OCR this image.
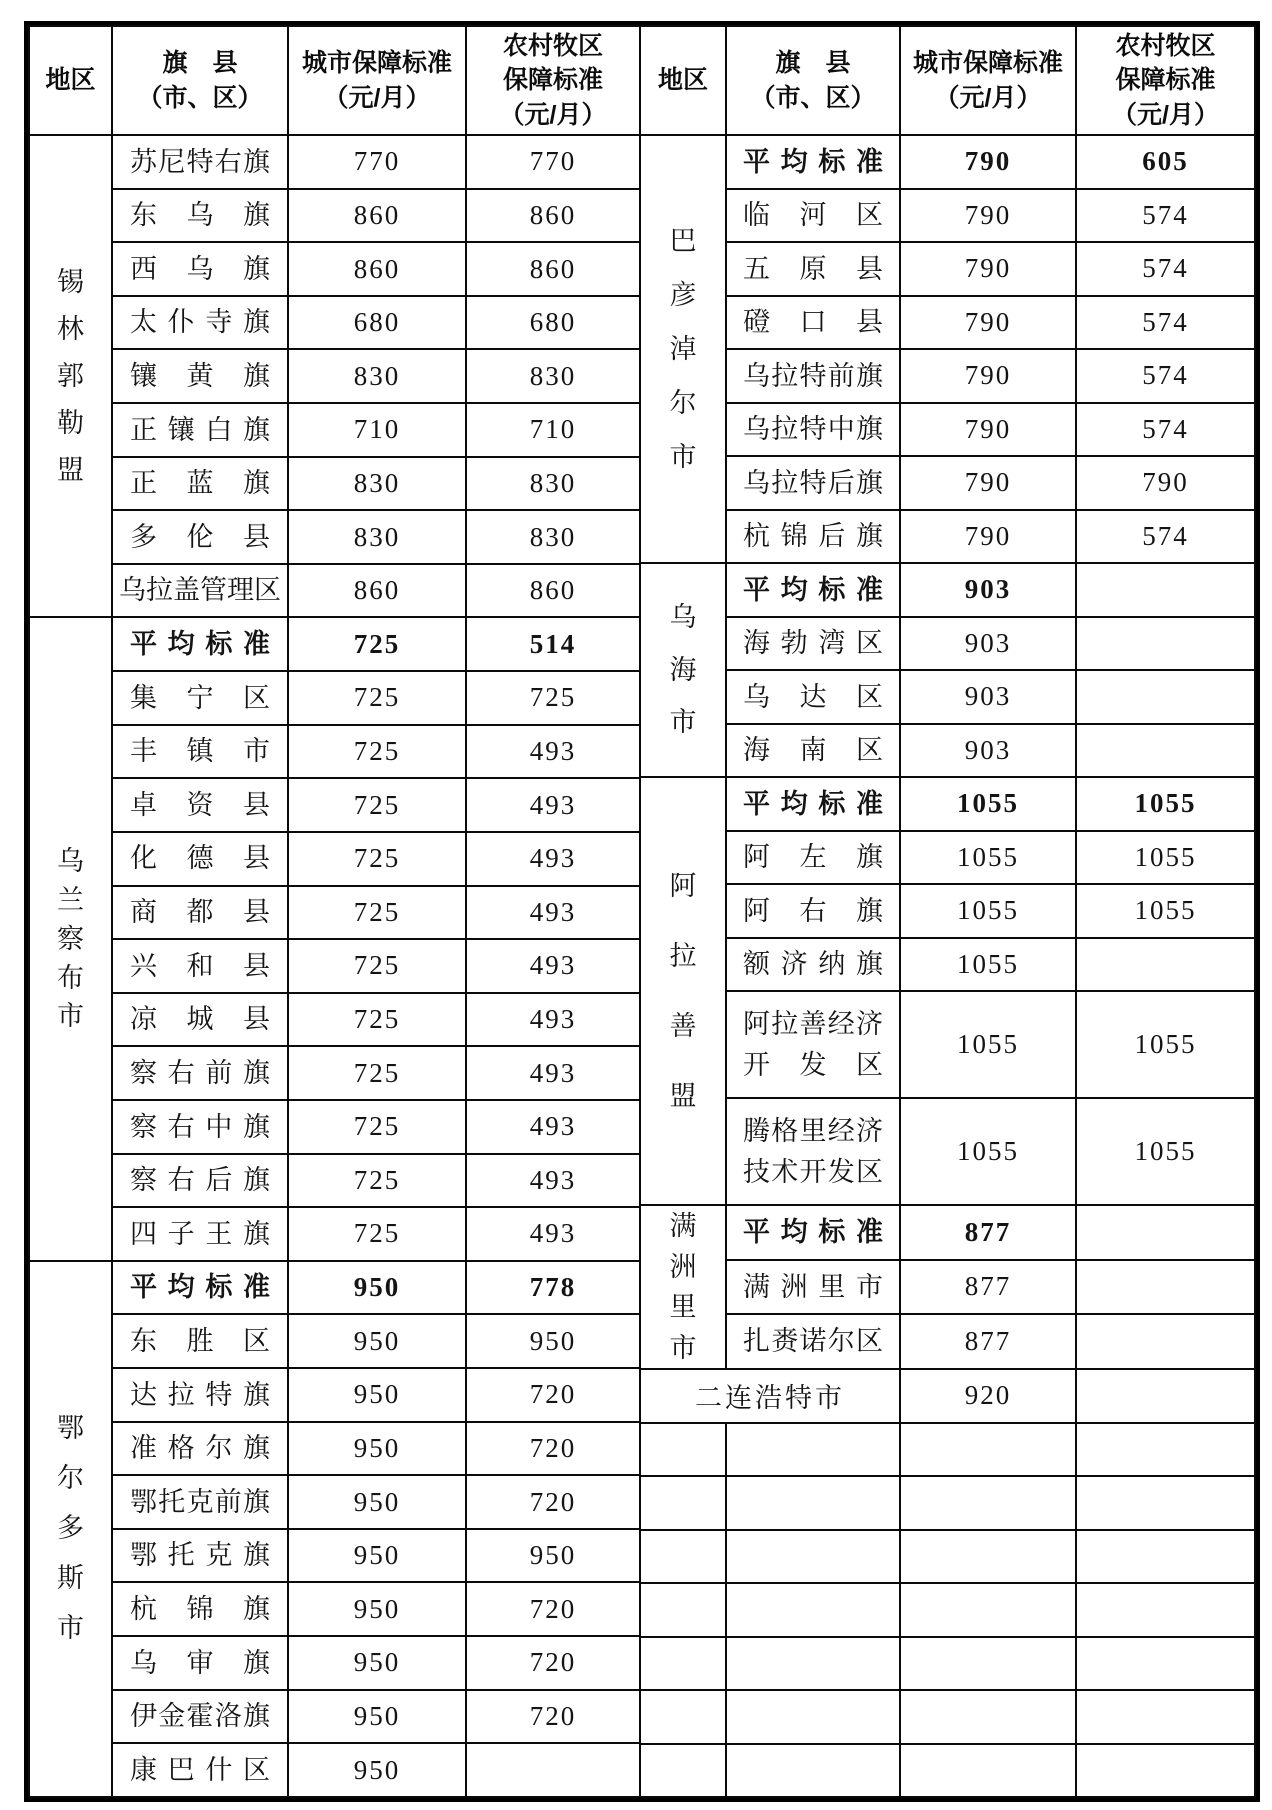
地区	
旗　县
（市、区）

城市保障标准
（元/月）

农村牧区
保障标准
（元/月）

锡林郭勒盟	苏尼特右旗	770	770
	东乌旗	860	860
	西乌旗	860	860
	太仆寺旗	680	680
	镶黄旗	830	830
	正镶白旗	710	710
	正蓝旗	830	830
	多伦县	830	830
	乌拉盖管理区	860	860
乌兰察布市	平均标准	725	514
	集宁区	725	725
	丰镇市	725	493
	卓资县	725	493
	化德县	725	493
	商都县	725	493
	兴和县	725	493
	凉城县	725	493
	察右前旗	725	493
	察右中旗	725	493
	察右后旗	725	493
	四子王旗	725	493
鄂尔多斯市	平均标准	950	778
	东胜区	950	950
	达拉特旗	950	720
	准格尔旗	950	720
	鄂托克前旗	950	720
	鄂托克旗	950	950
	杭锦旗	950	720
	乌审旗	950	720
	伊金霍洛旗	950	720
	康巴什区	950	
地区	
旗　县
（市、区）

城市保障标准
（元/月）

农村牧区
保障标准
（元/月）

巴彦淖尔市	平均标准	790	605
	临河区	790	574
	五原县	790	574
	磴口县	790	574
	乌拉特前旗	790	574
	乌拉特中旗	790	574
	乌拉特后旗	790	790
	杭锦后旗	790	574
乌海市	平均标准	903	
	海勃湾区	903	
	乌达区	903	
	海南区	903	
阿拉善盟	平均标准	1055	1055
	阿左旗	1055	1055
	阿右旗	1055	1055
	额济纳旗	1055	
	阿拉善经济开发区	1055	1055
	腾格里经济技术开发区	1055	1055
满洲里市	平均标准	877	
	满洲里市	877	
	扎赉诺尔区	877	
二连浩特市		920	
